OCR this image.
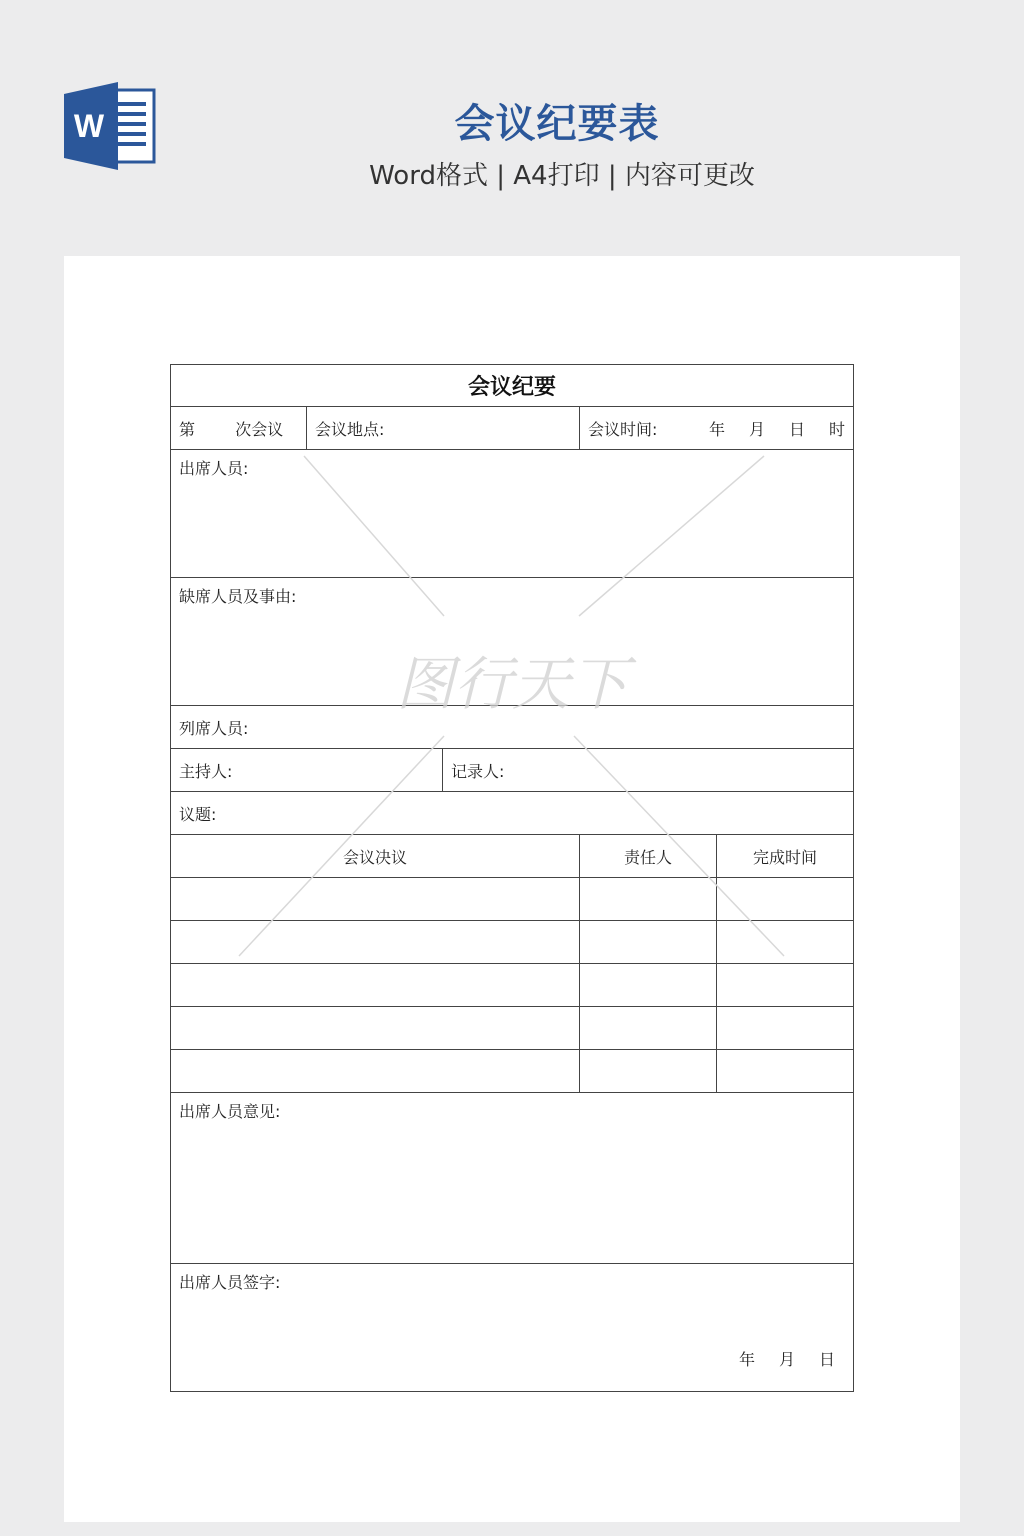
W	会议纪要表
Word格式 | A4打印 | 内容可更改
会议纪要				
第 次会议	会议地点:		会议时间: 年 月 日 时	

出席人员:				
缺席人员及事由:				
列席人员:				
主持人:		记录人:		
议题:				
会议决议			责任人	完成时间

出席人员意见:				

出席人员签字:
年 月 日				
图行天下
